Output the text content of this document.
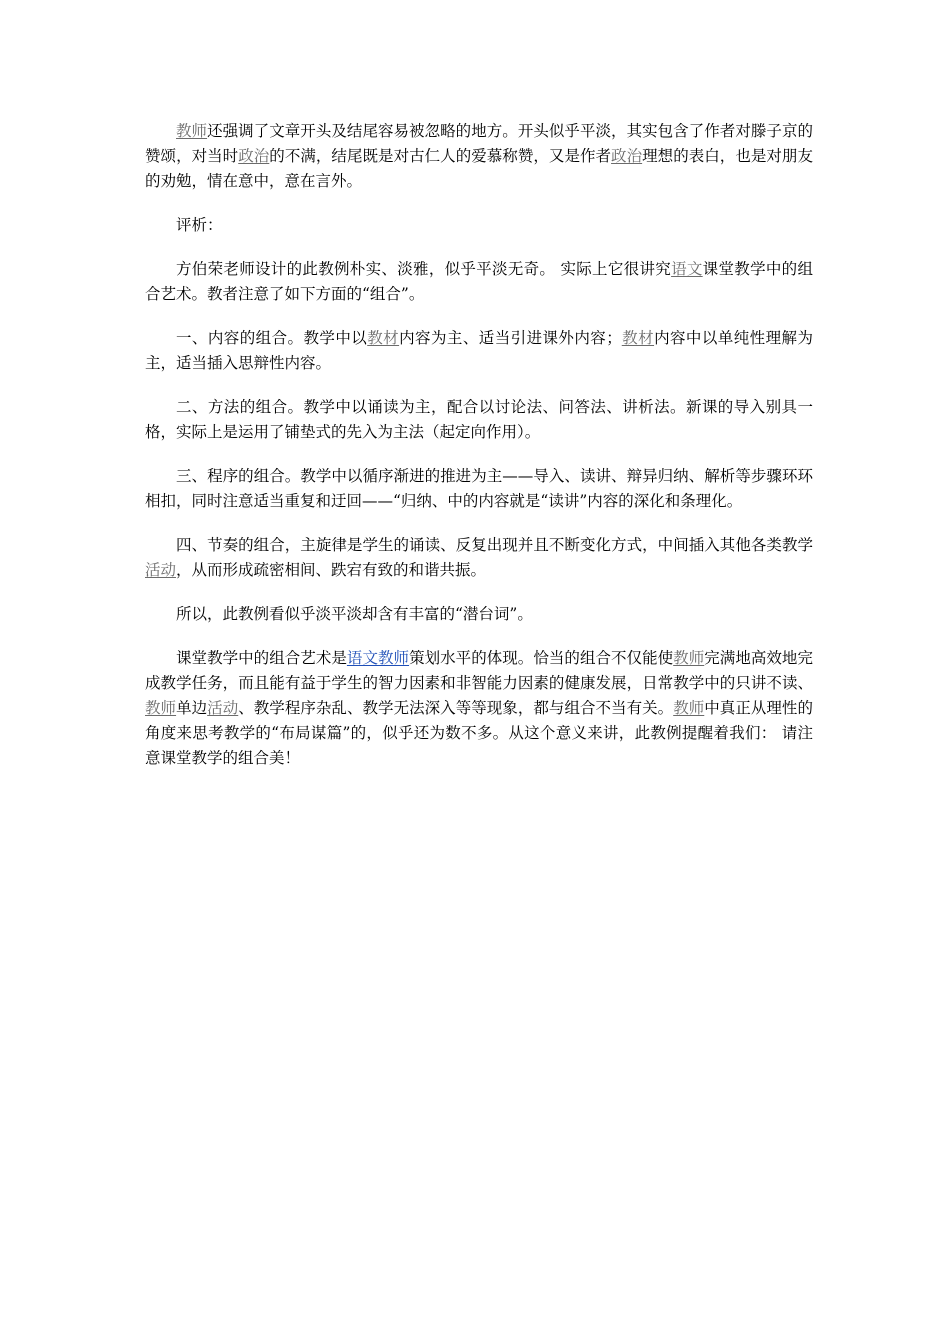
教师还强调了文章开头及结尾容易被忽略的地方。开头似乎平淡，其实包含了作者对滕子京的赞颂，对当时政治的不满，结尾既是对古仁人的爱慕称赞，又是作者政治理想的表白，也是对朋友的劝勉，情在意中，意在言外。

评析：

方伯荣老师设计的此教例朴实、淡雅，似乎平淡无奇。 实际上它很讲究语文课堂教学中的组合艺术。教者注意了如下方面的“组合”。

一、内容的组合。教学中以教材内容为主、适当引进课外内容；教材内容中以单纯性理解为主，适当插入思辩性内容。

二、方法的组合。教学中以诵读为主，配合以讨论法、问答法、讲析法。新课的导入别具一格，实际上是运用了铺垫式的先入为主法（起定向作用）。

三、程序的组合。教学中以循序渐进的推进为主——导入、读讲、辩异归纳、解析等步骤环环相扣，同时注意适当重复和迂回——“归纳、中的内容就是“读讲”内容的深化和条理化。

四、节奏的组合，主旋律是学生的诵读、反复出现并且不断变化方式，中间插入其他各类教学活动，从而形成疏密相间、跌宕有致的和谐共振。

所以，此教例看似乎淡平淡却含有丰富的“潜台词”。

课堂教学中的组合艺术是语文教师策划水平的体现。恰当的组合不仅能使教师完满地高效地完成教学任务，而且能有益于学生的智力因素和非智能力因素的健康发展，日常教学中的只讲不读、教师单边活动、教学程序杂乱、教学无法深入等等现象，都与组合不当有关。教师中真正从理性的角度来思考教学的“布局谋篇”的，似乎还为数不多。从这个意义来讲，此教例提醒着我们： 请注意课堂教学的组合美！
